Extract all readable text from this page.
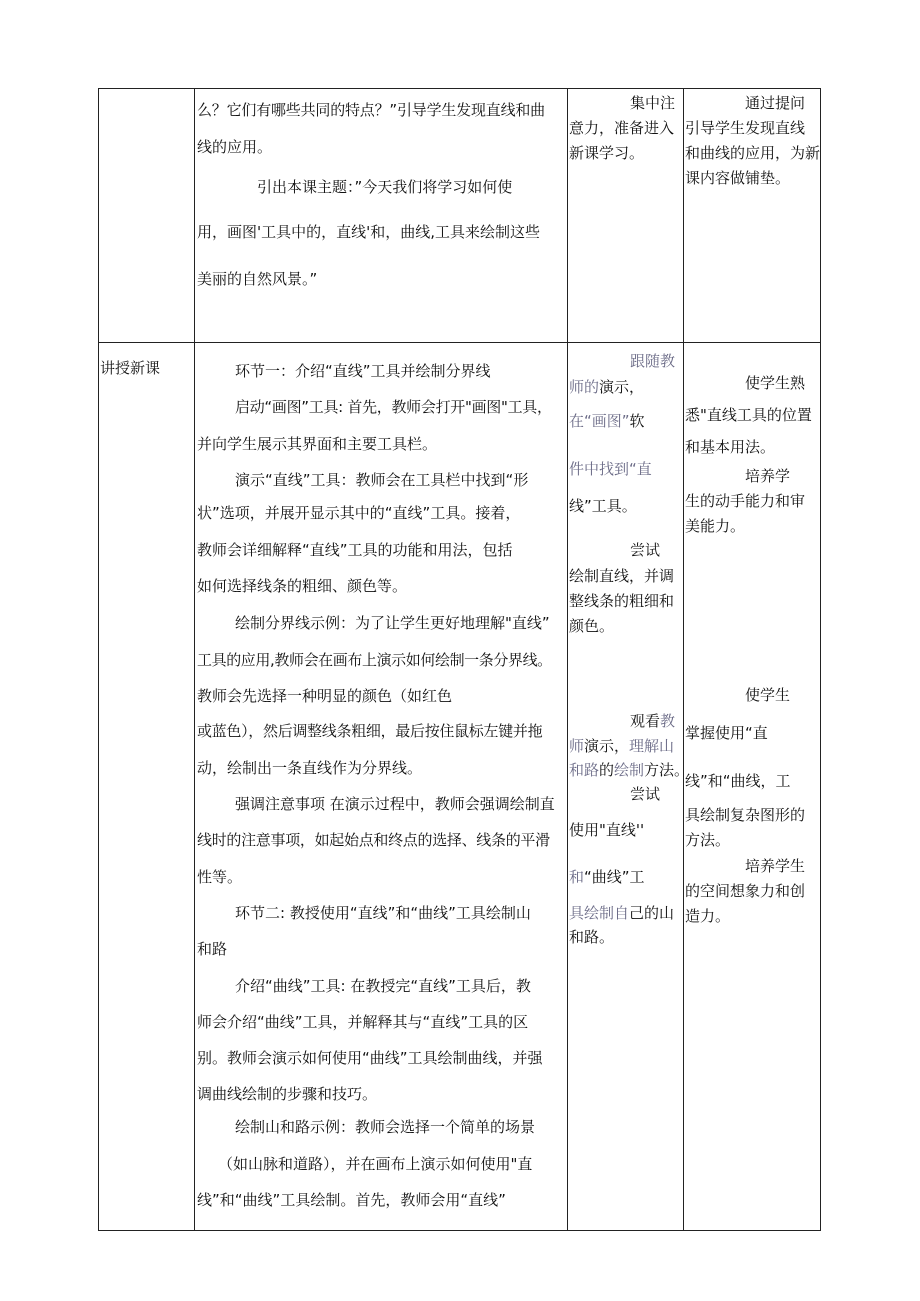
么？它们有哪些共同的特点？”引导学生发现直线和曲
线的应用。
引出本课主题：”今天我们将学习如何使
用，画图'工具中的，直线'和，曲线,工具来绘制这些
美丽的自然风景。”
集中注
意力，准备进入
新课学习。
通过提问
引导学生发现直线
和曲线的应用，为新
课内容做铺垫。
讲授新课	环节一：介绍“直线”工具并绘制分界线
启动“画图”工具: 首先，教师会打开"画图"工具，
并向学生展示其界面和主要工具栏。
演示“直线”工具：教师会在工具栏中找到“形
状”选项，并展开显示其中的“直线”工具。接着，
教师会详细解释“直线”工具的功能和用法，包括
如何选择线条的粗细、颜色等。
绘制分界线示例：为了让学生更好地理解"直线”
工具的应用,教师会在画布上演示如何绘制一条分界线。
教师会先选择一种明显的颜色（如红色
或蓝色），然后调整线条粗细，最后按住鼠标左键并拖
动，绘制出一条直线作为分界线。
强调注意事项 在演示过程中，教师会强调绘制直
线时的注意事项，如起始点和终点的选择、线条的平滑
性等。
环节二: 教授使用“直线”和“曲线”工具绘制山
和路
介绍“曲线”工具: 在教授完“直线”工具后，教
师会介绍“曲线”工具，并解释其与“直线”工具的区
别。教师会演示如何使用“曲线”工具绘制曲线，并强
调曲线绘制的步骤和技巧。
绘制山和路示例：教师会选择一个简单的场景
（如山脉和道路），并在画布上演示如何使用"直
线”和“曲线”工具绘制。首先，教师会用“直线”
跟随教
师的演示，
在“画图”软
件中找到“直
线”工具。
尝试
绘制直线，并调
整线条的粗细和
颜色。
观看教
师演示，理解山
和路的绘制方法。
尝试
使用"直线''
和“曲线”工
具绘制自己的山
和路。
使学生熟
悉"直线工具的位置
和基本用法。
培养学
生的动手能力和审
美能力。
使学生
掌握使用“直
线”和“曲线，工
具绘制复杂图形的
方法。
培养学生
的空间想象力和创
造力。
